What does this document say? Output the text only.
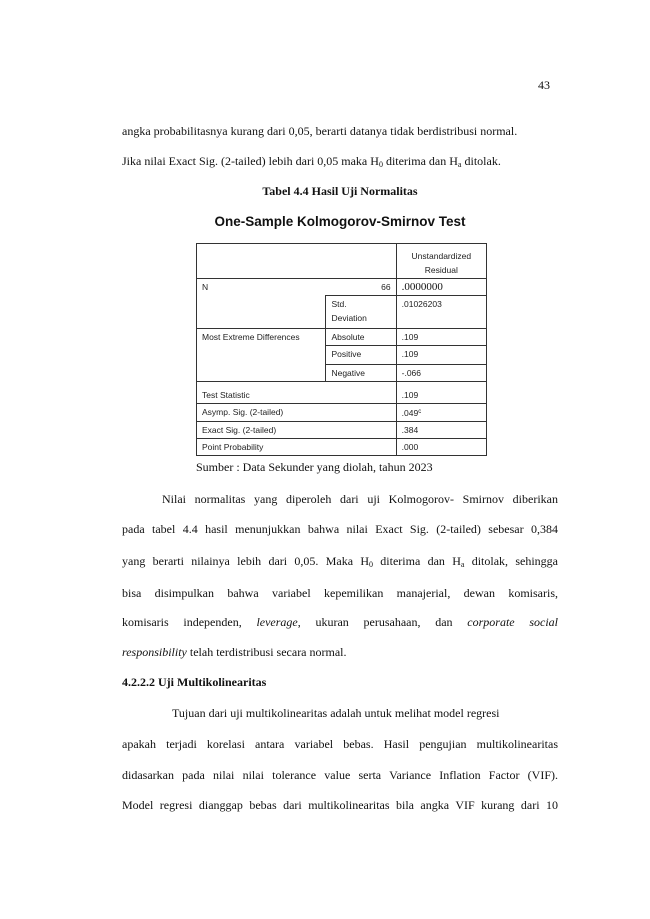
43
angka probabilitasnya kurang dari 0,05, berarti datanya tidak berdistribusi normal.
Jika nilai Exact Sig. (2-tailed) lebih dari 0,05 maka $H_0$ diterima dan $H_a$ ditolak.
Tabel 4.4 Hasil Uji Normalitas
One-Sample Kolmogorov-Smirnov Test

		Unstandardized
Residual

N	66	.0000000

	Std.
Deviation	.01026203
Most Extreme Differences	Absolute	.109
	Positive	.109
	Negative	-.066
Test Statistic		.109
Asymp. Sig. (2-tailed)		.049$^c$
Exact Sig. (2-tailed)		.384
Point Probability		.000
Sumber : Data Sekunder yang diolah, tahun 2023
Nilai normalitas yang diperoleh dari uji Kolmogorov- Smirnov diberikan
pada tabel 4.4 hasil menunjukkan bahwa nilai Exact Sig. (2-tailed) sebesar 0,384
yang berarti nilainya lebih dari 0,05. Maka $H_0$ diterima dan $H_a$ ditolak, sehingga
bisa disimpulkan bahwa variabel kepemilikan manajerial, dewan komisaris,
komisaris independen, leverage, ukuran perusahaan, dan corporate social
responsibility telah terdistribusi secara normal.
4.2.2.2 Uji Multikolinearitas
Tujuan dari uji multikolinearitas adalah untuk melihat model regresi
apakah terjadi korelasi antara variabel bebas. Hasil pengujian multikolinearitas
didasarkan pada nilai nilai tolerance value serta Variance Inflation Factor (VIF).
Model regresi dianggap bebas dari multikolinearitas bila angka VIF kurang dari 10
